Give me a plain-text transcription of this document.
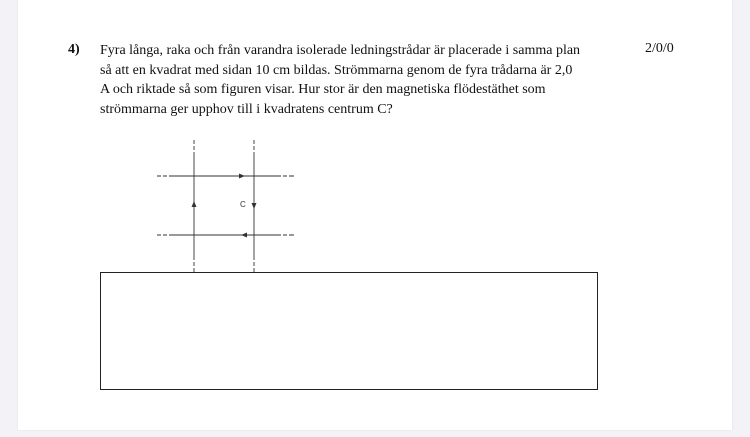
4) Fyra långa, raka och från varandra isolerade ledningstrådar är placerade i samma plan
så att en kvadrat med sidan 10 cm bildas. Strömmarna genom de fyra trådarna är 2,0
A och riktade så som figuren visar. Hur stor är den magnetiska flödestäthet som
strömmarna ger upphov till i kvadratens centrum C?
2/0/0
C
